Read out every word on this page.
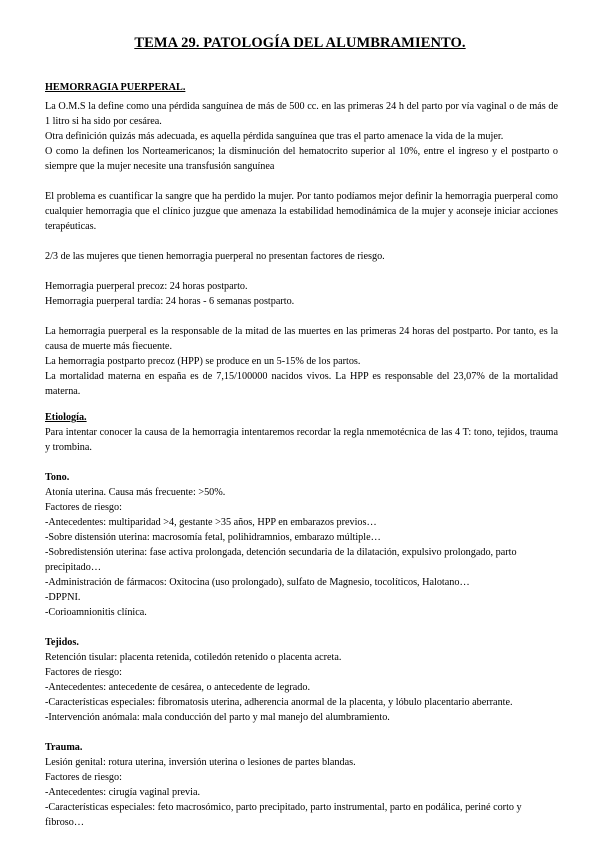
TEMA 29. PATOLOGÍA DEL ALUMBRAMIENTO.
HEMORRAGIA PUERPERAL.
La O.M.S la define como una pérdida sanguínea de más de 500 cc. en las primeras 24 h del parto por vía vaginal o de más de 1 litro si ha sido por cesárea.
Otra definición quizás más adecuada, es aquella pérdida sanguínea que tras el parto amenace la vida de la mujer.
O como la definen los Norteamericanos; la disminución del hematocrito superior al 10%, entre el ingreso y el postparto o siempre que la mujer necesite una transfusión sanguínea
El problema es cuantificar la sangre que ha perdido la mujer. Por tanto podíamos mejor definir la hemorragia puerperal como cualquier hemorragia que el clínico juzgue que amenaza la estabilidad hemodinámica de la mujer y aconseje iniciar acciones terapéuticas.
2/3 de las mujeres que tienen hemorragia puerperal no presentan factores de riesgo.
Hemorragia puerperal precoz: 24 horas postparto.
Hemorragia puerperal tardía: 24 horas - 6 semanas postparto.
La hemorragia puerperal es la responsable de la mitad de las muertes en las primeras 24 horas del postparto. Por tanto, es la causa de muerte más fiecuente.
La hemorragia postparto precoz (HPP) se produce en un 5-15% de los partos.
La mortalidad materna en españa es de 7,15/100000 nacidos vivos. La HPP es responsable del 23,07% de la mortalidad materna.
Etiología.
Para intentar conocer la causa de la hemorragia intentaremos recordar la regla nmemotécnica de las 4 T: tono, tejidos, trauma y trombina.
Tono.
Atonía uterina. Causa más frecuente: >50%.
Factores de riesgo:
-Antecedentes: multiparidad >4, gestante >35 años, HPP en embarazos previos…
-Sobre distensión uterina: macrosomía fetal, polihidramnios, embarazo múltiple…
-Sobredistensión uterina: fase activa prolongada, detención secundaria de la dilatación, expulsivo prolongado, parto precipitado…
-Administración de fármacos: Oxitocina (uso prolongado), sulfato de Magnesio, tocolíticos, Halotano…
-DPPNI.
-Corioamnionitis clínica.
Tejidos.
Retención tisular: placenta retenida, cotiledón retenido o placenta acreta.
Factores de riesgo:
-Antecedentes: antecedente de cesárea, o antecedente de legrado.
-Características especiales: fibromatosis uterina, adherencia anormal de la placenta, y lóbulo placentario aberrante.
-Intervención anómala: mala conducción del parto y mal manejo del alumbramiento.
Trauma.
Lesión genital: rotura uterina, inversión uterina o lesiones de partes blandas.
Factores de riesgo:
-Antecedentes: cirugía vaginal previa.
-Características especiales: feto macrosómico, parto precipitado, parto instrumental, parto en podálica, periné corto y fibroso…
